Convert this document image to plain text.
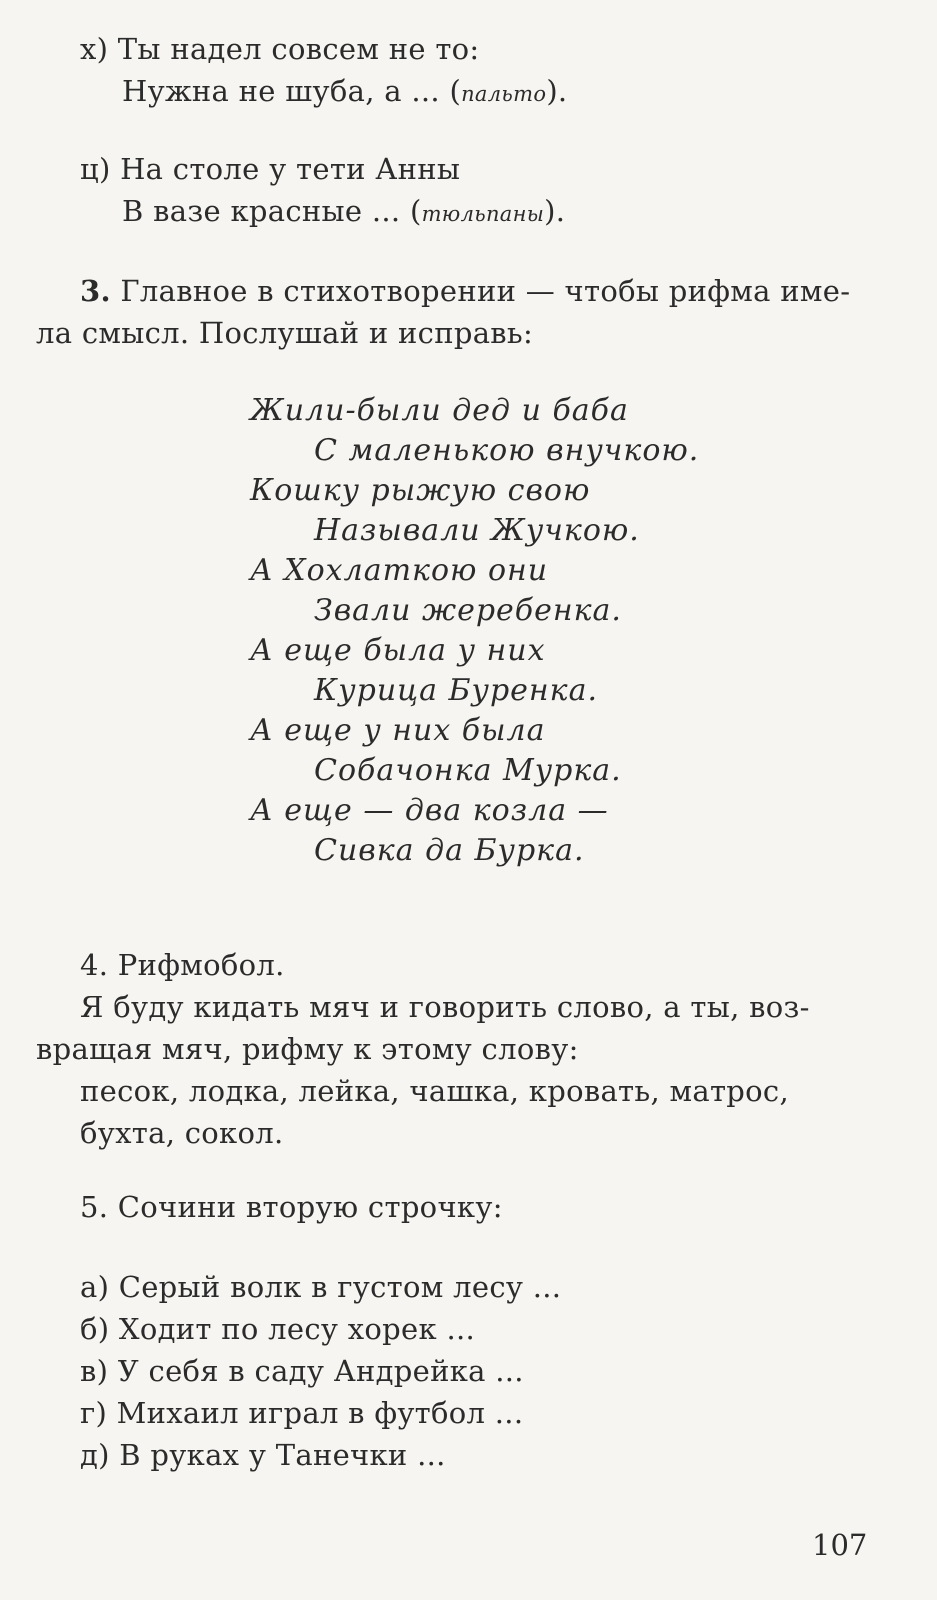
х) Ты надел совсем не то:

Нужна не шуба, а ... (пальто).

ц) На столе у тети Анны

В вазе красные ... (тюльпаны).

3. Главное в стихотворении — чтобы рифма име-

ла смысл. Послушай и исправь:

Жили-были дед и баба

С маленькою внучкою.

Кошку рыжую свою

Называли Жучкою.

А Хохлаткою они

Звали жеребенка.

А еще была у них

Курица Буренка.

А еще у них была

Собачонка Мурка.

А еще — два козла —

Сивка да Бурка.

4. Рифмобол.

Я буду кидать мяч и говорить слово, а ты, воз-

вращая мяч, рифму к этому слову:

песок, лодка, лейка, чашка, кровать, матрос,

бухта, сокол.

5. Сочини вторую строчку:

а) Серый волк в густом лесу ...

б) Ходит по лесу хорек ...

в) У себя в саду Андрейка ...

г) Михаил играл в футбол ...

д) В руках у Танечки ...

107
